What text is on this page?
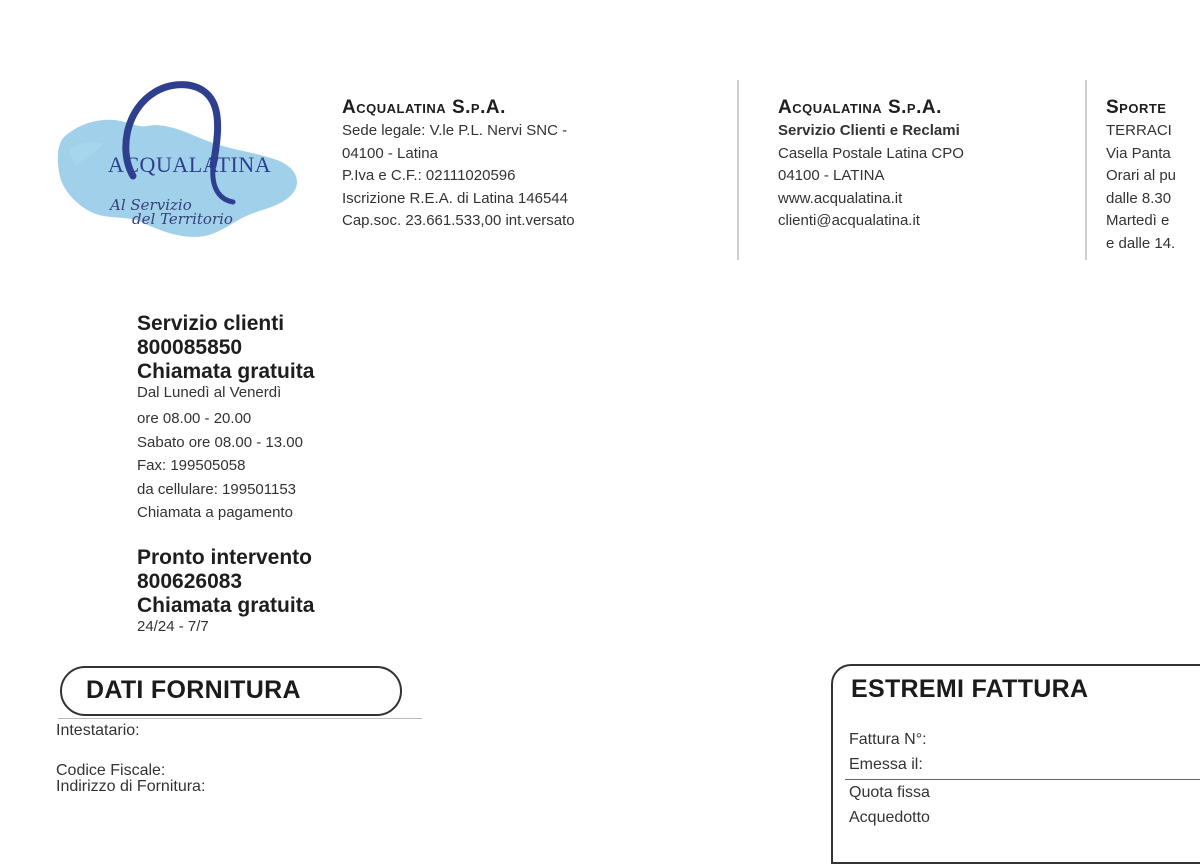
ACQUALATINA
Al Servizio
del Territorio
Acqualatina S.p.A.
Sede legale: V.le P.L. Nervi SNC -
04100 - Latina
P.Iva e C.F.: 02111020596
Iscrizione R.E.A. di Latina 146544
Cap.soc. 23.661.533,00 int.versato
Acqualatina S.p.A.
Servizio Clienti e Reclami
Casella Postale Latina CPO
04100 - LATINA
www.acqualatina.it
clienti@acqualatina.it
Sporte
TERRACI
Via Panta
Orari al pu
dalle 8.30
Martedì e
e dalle 14.
Servizio clienti
800085850
Chiamata gratuita
Dal Lunedì al Venerdì
ore 08.00 - 20.00
Sabato ore 08.00 - 13.00
Fax: 199505058
da cellulare: 199501153
Chiamata a pagamento
Pronto intervento
800626083
Chiamata gratuita
24/24 - 7/7
DATI FORNITURA
Intestatario:
Codice Fiscale:
Indirizzo di Fornitura:
ESTREMI FATTURA
Fattura N°:
Emessa il:
Quota fissa
Acquedotto
